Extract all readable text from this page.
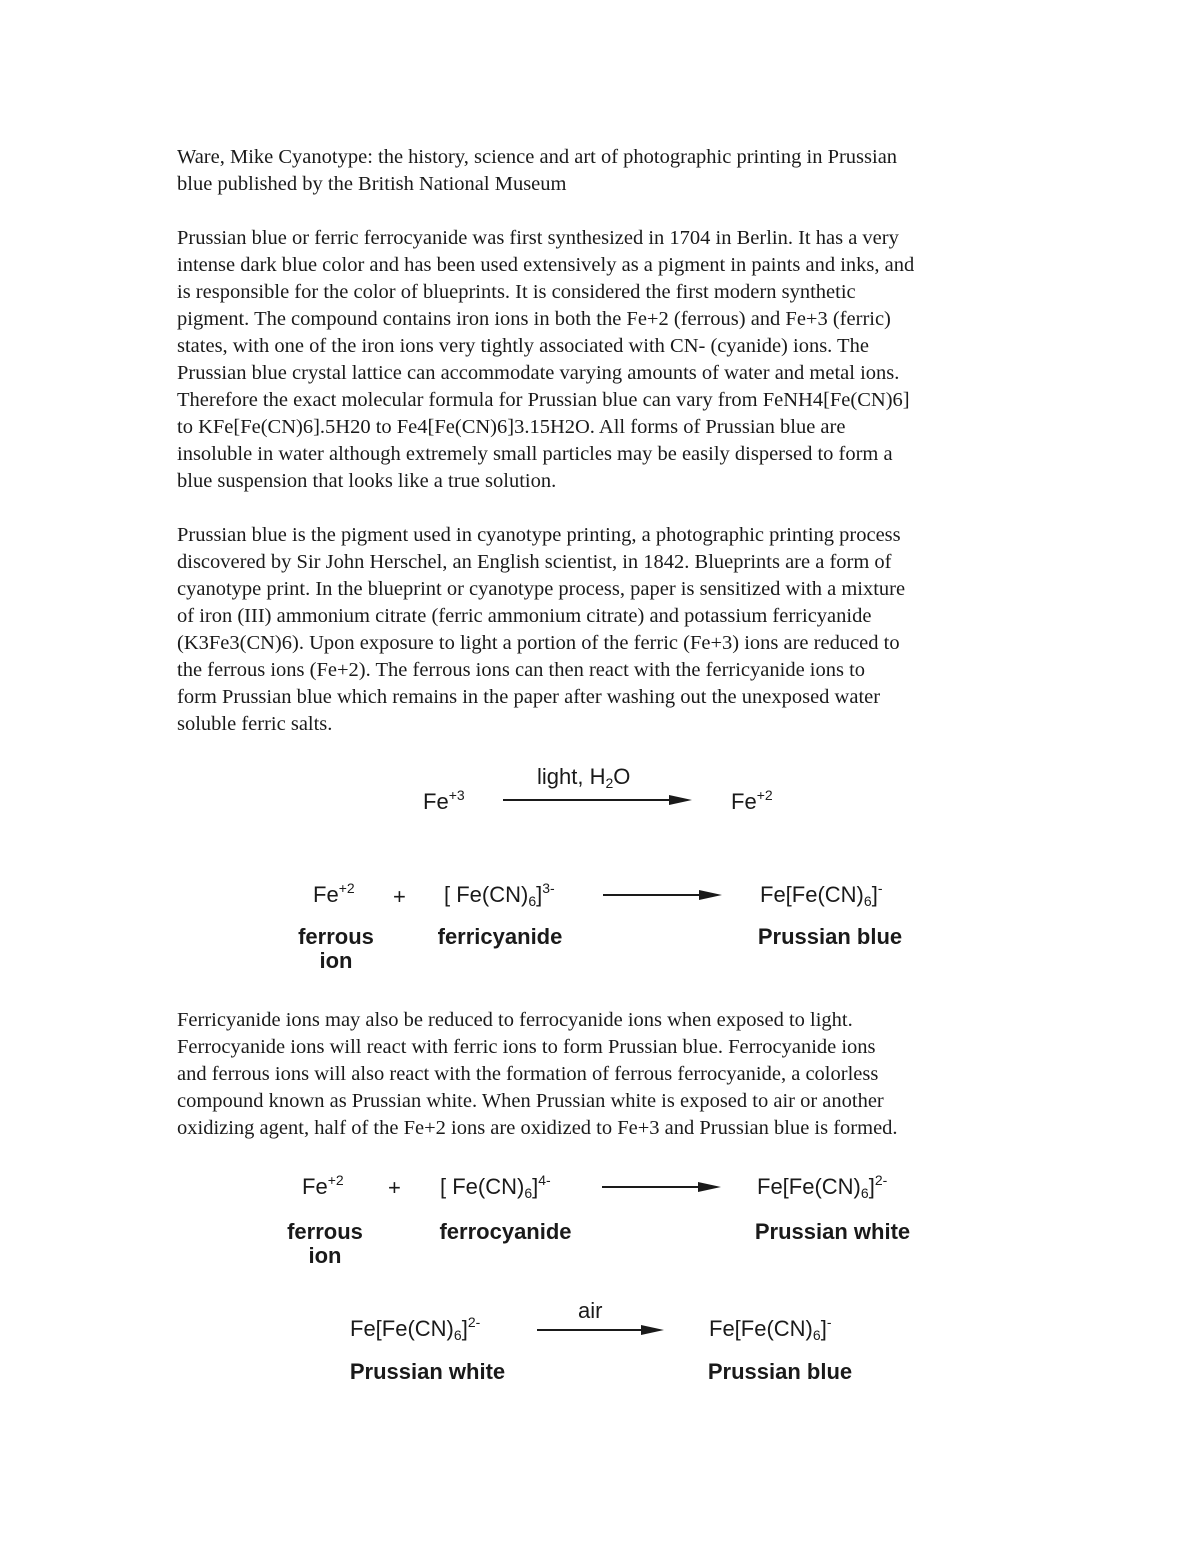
Ware, Mike Cyanotype: the history, science and art of photographic printing in Prussian
blue published by the British National Museum
Prussian blue or ferric ferrocyanide was first synthesized in 1704 in Berlin. It has a very
intense dark blue color and has been used extensively as a pigment in paints and inks, and
is responsible for the color of blueprints. It is considered the first modern synthetic
pigment. The compound contains iron ions in both the Fe+2 (ferrous) and Fe+3 (ferric)
states, with one of the iron ions very tightly associated with CN- (cyanide) ions. The
Prussian blue crystal lattice can accommodate varying amounts of water and metal ions.
Therefore the exact molecular formula for Prussian blue can vary from FeNH4[Fe(CN)6]
to KFe[Fe(CN)6].5H20 to Fe4[Fe(CN)6]3.15H2O. All forms of Prussian blue are
insoluble in water although extremely small particles may be easily dispersed to form a
blue suspension that looks like a true solution.
Prussian blue is the pigment used in cyanotype printing, a photographic printing process
discovered by Sir John Herschel, an English scientist, in 1842. Blueprints are a form of
cyanotype print. In the blueprint or cyanotype process, paper is sensitized with a mixture
of iron (III) ammonium citrate (ferric ammonium citrate) and potassium ferricyanide
(K3Fe3(CN)6). Upon exposure to light a portion of the ferric (Fe+3) ions are reduced to
the ferrous ions (Fe+2). The ferrous ions can then react with the ferricyanide ions to
form Prussian blue which remains in the paper after washing out the unexposed water
soluble ferric salts.
$Fe^{+3}$
light, $H_2O$
$Fe^{+2}$
$Fe^{+2}$ + [ $Fe(CN)_6]^{3-}$	$Fe[Fe(CN)_6]^-$
ferrous
ion
ferricyanide	Prussian blue
Ferricyanide ions may also be reduced to ferrocyanide ions when exposed to light.
Ferrocyanide ions will react with ferric ions to form Prussian blue. Ferrocyanide ions
and ferrous ions will also react with the formation of ferrous ferrocyanide, a colorless
compound known as Prussian white. When Prussian white is exposed to air or another
oxidizing agent, half of the Fe+2 ions are oxidized to Fe+3 and Prussian blue is formed.
$Fe^{+2}$ + [ $Fe(CN)_6]^{4-}$	$Fe[Fe(CN)_6]^{2-}$
ferrous
ion
ferrocyanide	Prussian white
$Fe[Fe(CN)_6]^{2-}$	air
$Fe[Fe(CN)_6]^-$
Prussian white	Prussian blue
